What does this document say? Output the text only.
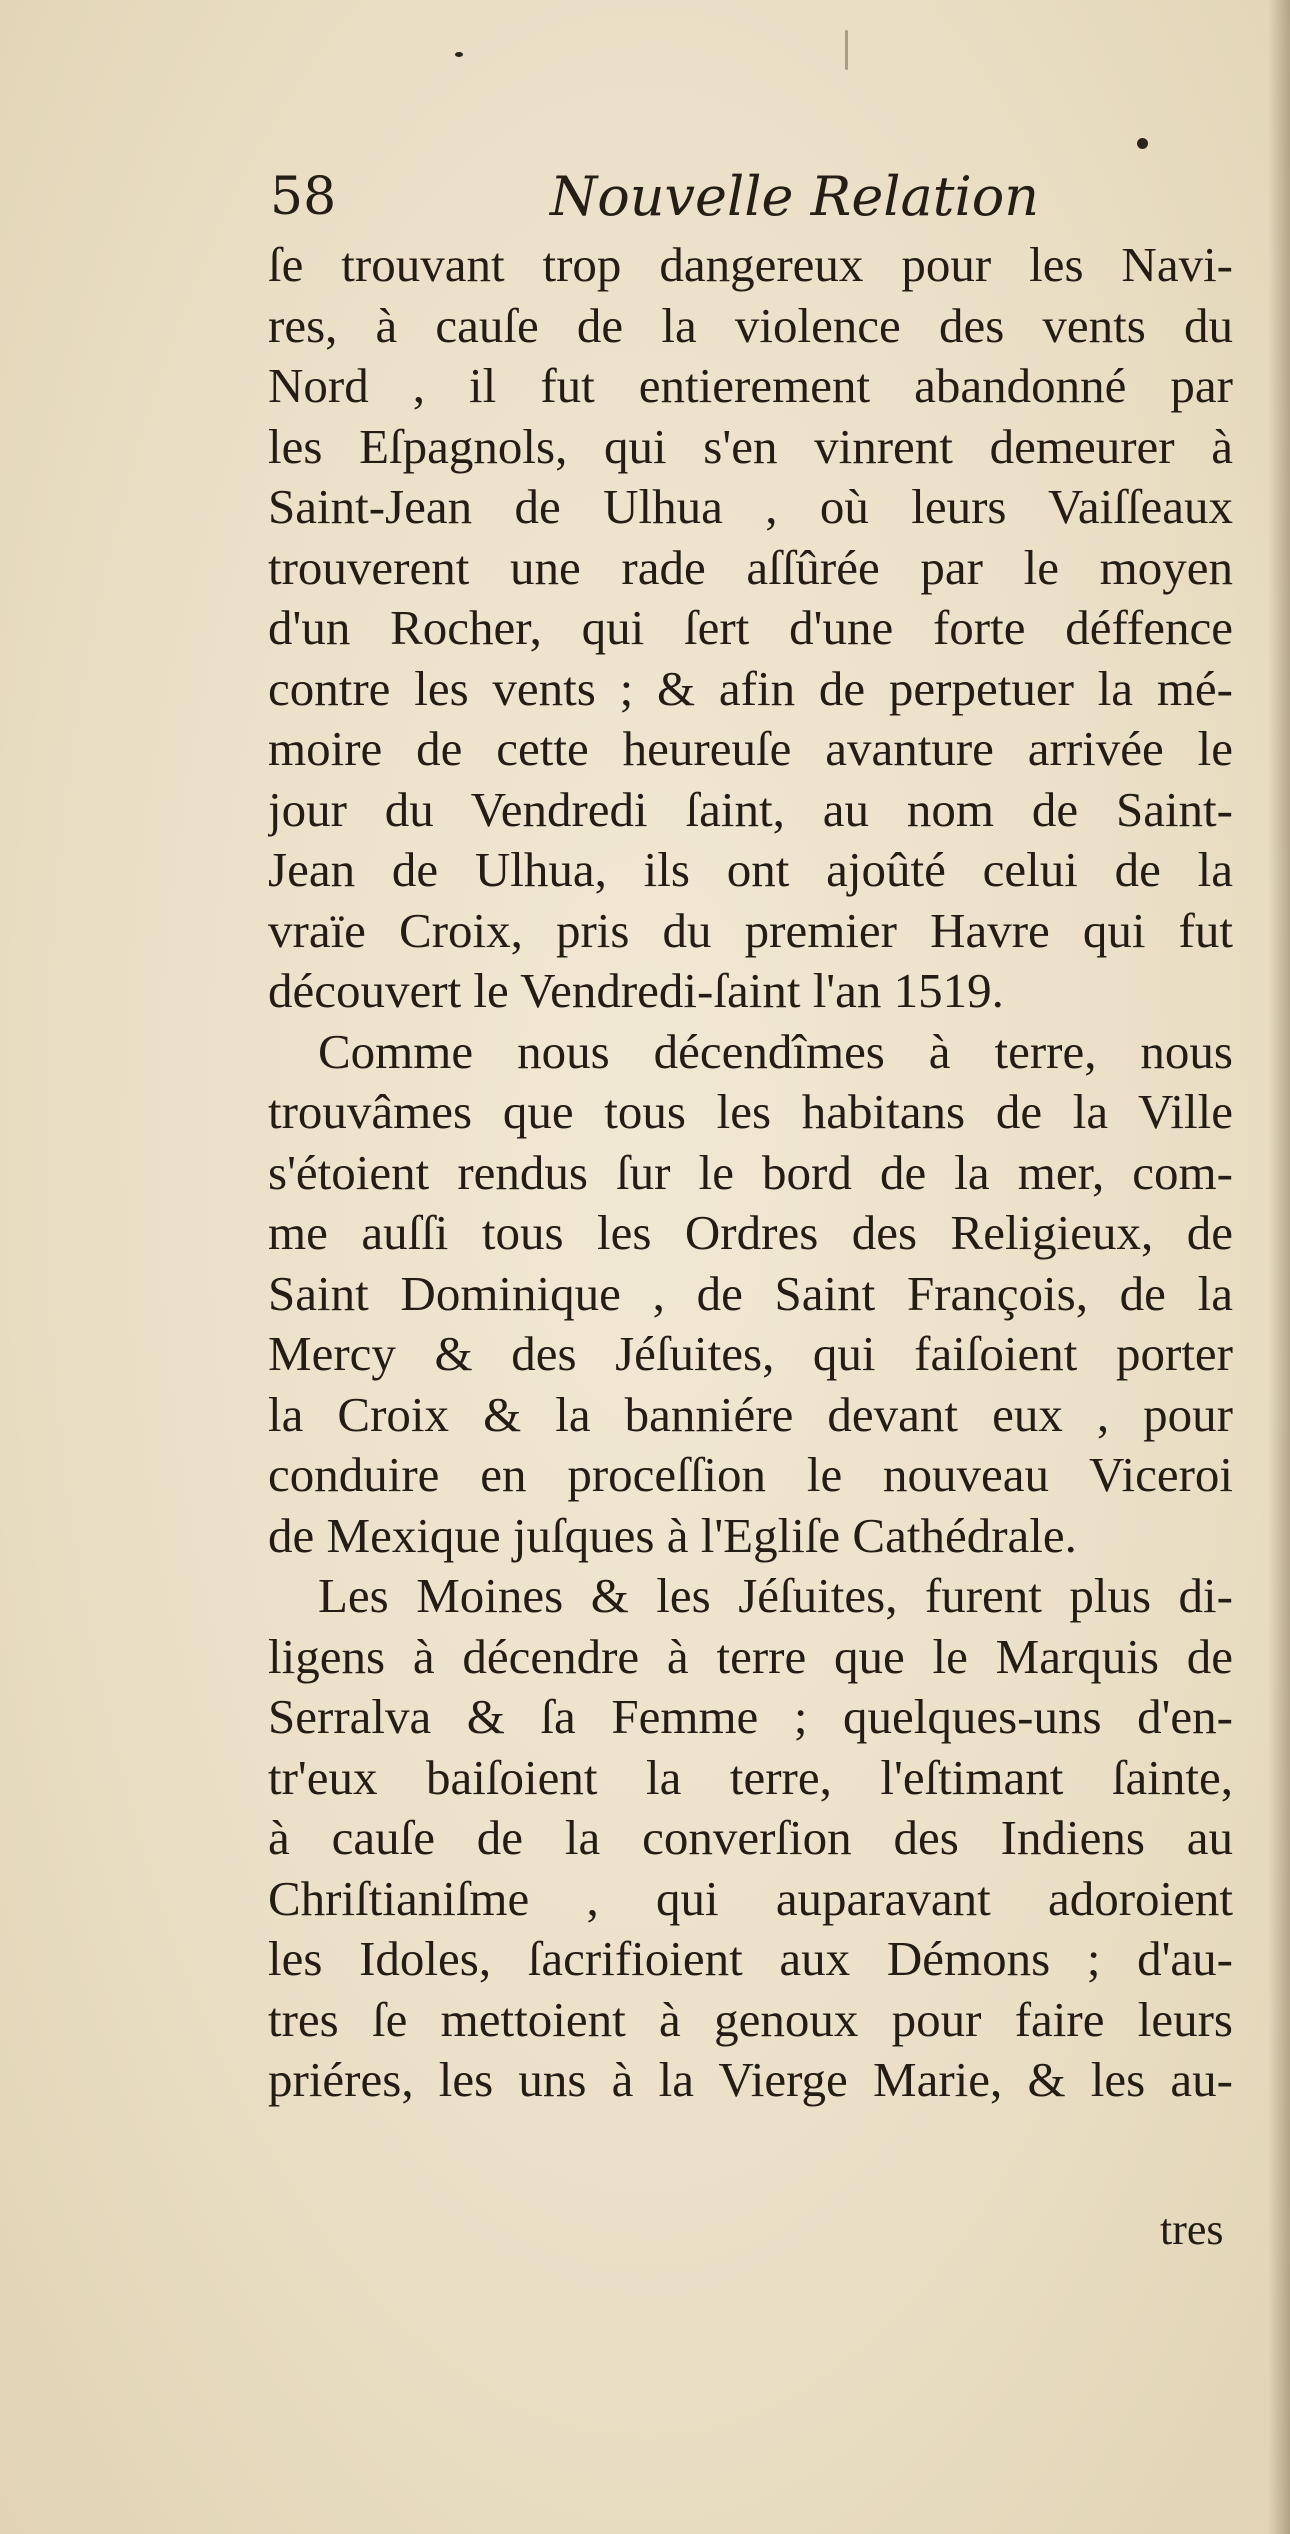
58	Nouvelle Relation
ſe trouvant trop dangereux pour les Navi-
res, à cauſe de la violence des vents du
Nord , il fut entierement abandonné par
les Eſpagnols, qui s'en vinrent demeurer à
Saint-Jean de Ulhua , où leurs Vaiſſeaux
trouverent une rade aſſûrée par le moyen
d'un Rocher, qui ſert d'une forte déffence
contre les vents ; & afin de perpetuer la mé-
moire de cette heureuſe avanture arrivée le
jour du Vendredi ſaint, au nom de Saint-
Jean de Ulhua, ils ont ajoûté celui de la
vraïe Croix, pris du premier Havre qui fut
découvert le Vendredi-ſaint l'an 1519.
Comme nous décendîmes à terre, nous
trouvâmes que tous les habitans de la Ville
s'étoient rendus ſur le bord de la mer, com-
me auſſi tous les Ordres des Religieux, de
Saint Dominique , de Saint François, de la
Mercy & des Jéſuites, qui faiſoient porter
la Croix & la banniére devant eux , pour
conduire en proceſſion le nouveau Viceroi
de Mexique juſques à l'Egliſe Cathédrale.
Les Moines & les Jéſuites, furent plus di-
ligens à décendre à terre que le Marquis de
Serralva & ſa Femme ; quelques-uns d'en-
tr'eux baiſoient la terre, l'eſtimant ſainte,
à cauſe de la converſion des Indiens au
Chriſtianiſme , qui auparavant adoroient
les Idoles, ſacrifioient aux Démons ; d'au-
tres ſe mettoient à genoux pour faire leurs
priéres, les uns à la Vierge Marie, & les au-
tres
